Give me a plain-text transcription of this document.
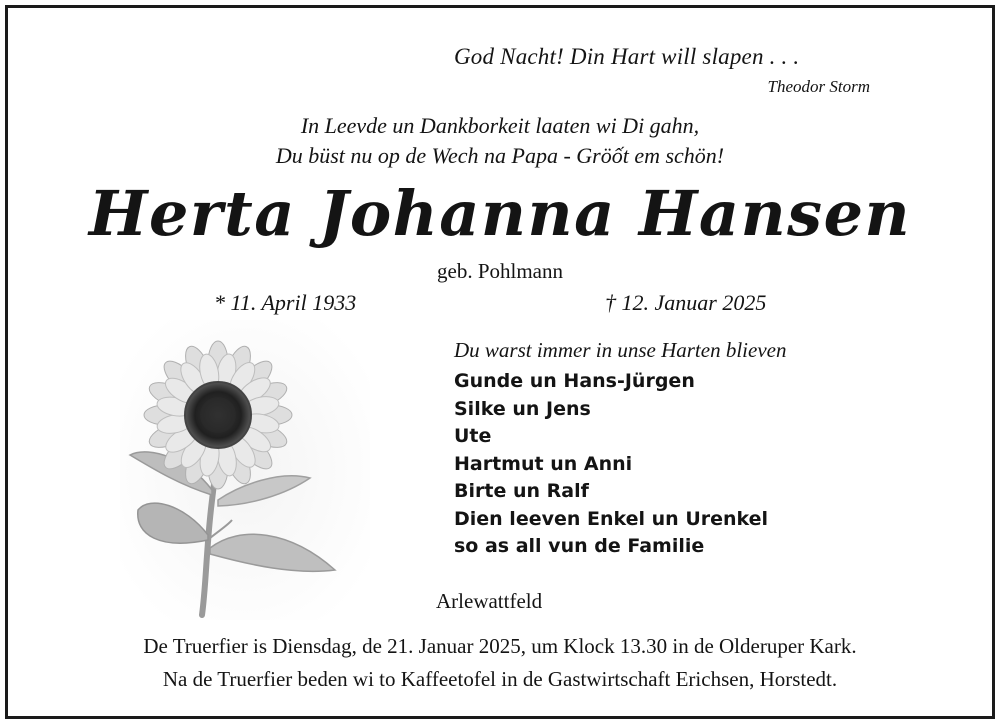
God Nacht! Din Hart will slapen . . .
Theodor Storm
In Leevde un Dankborkeit laaten wi Di gahn,
Du büst nu op de Wech na Papa - Gröốt em schön!
Herta Johanna Hansen
geb. Pohlmann
* 11. April 1933	† 12. Januar 2025
Du warst immer in unse Harten blieven
Gunde un Hans-Jürgen
Silke un Jens
Ute
Hartmut un Anni
Birte un Ralf
Dien leeven Enkel un Urenkel
so as all vun de Familie
Arlewattfeld
De Truerfier is Diensdag, de 21. Januar 2025, um Klock 13.30 in de Olderuper Kark.
Na de Truerfier beden wi to Kaffeetofel in de Gastwirtschaft Erichsen, Horstedt.
